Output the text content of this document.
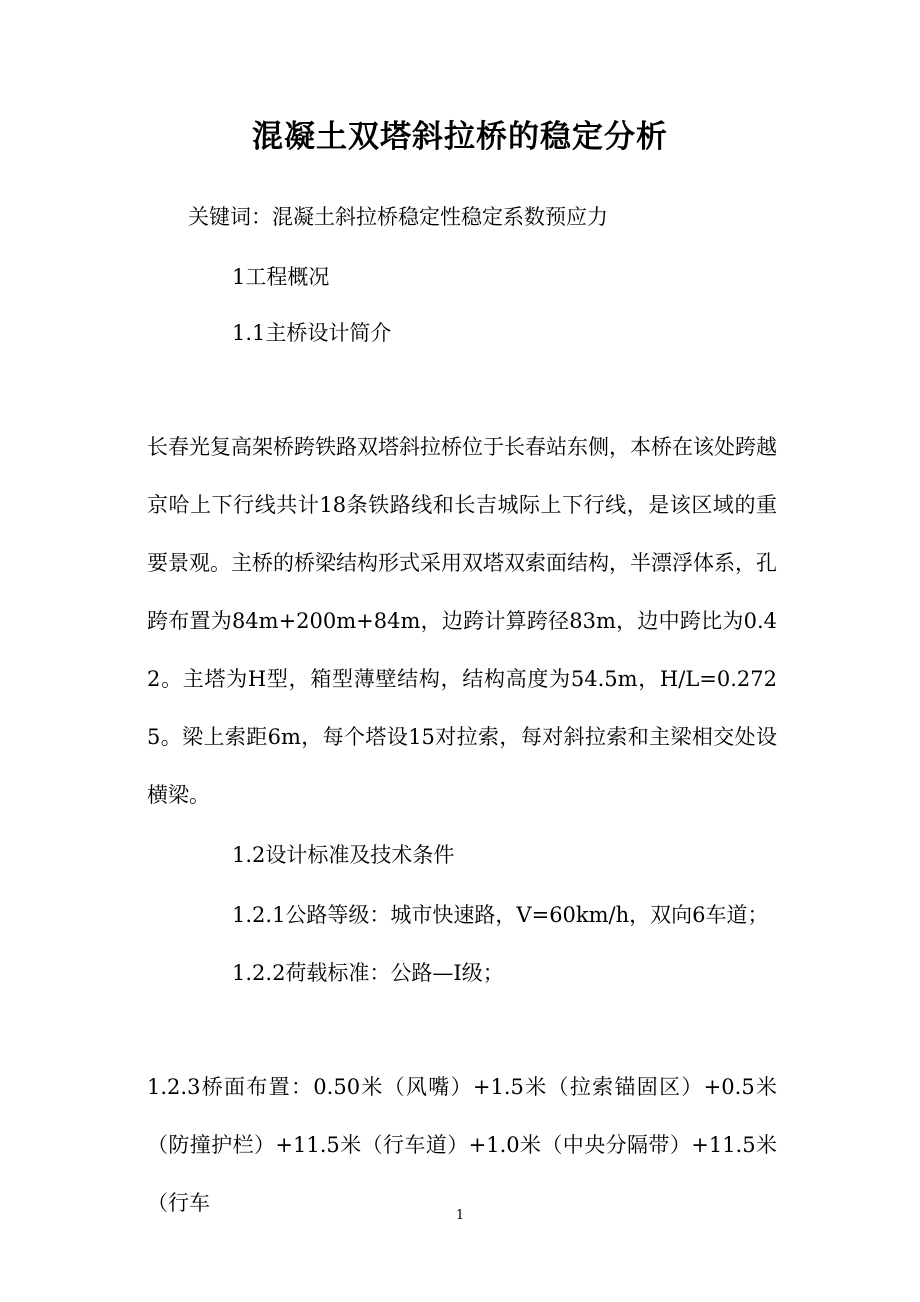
混凝土双塔斜拉桥的稳定分析

关键词：混凝土斜拉桥稳定性稳定系数预应力

1工程概况

1.1主桥设计简介

长春光复高架桥跨铁路双塔斜拉桥位于长春站东侧，本桥在该处跨越京哈上下行线共计18条铁路线和长吉城际上下行线，是该区域的重要景观。主桥的桥梁结构形式采用双塔双索面结构，半漂浮体系，孔跨布置为84m+200m+84m，边跨计算跨径83m，边中跨比为0.42。主塔为H型，箱型薄壁结构，结构高度为54.5m，H/L=0.2725。梁上索距6m，每个塔设15对拉索，每对斜拉索和主梁相交处设横梁。

1.2设计标准及技术条件

1.2.1公路等级：城市快速路，V=60km/h，双向6车道；

1.2.2荷载标准：公路—Ⅰ级；

1.2.3桥面布置：0.50米（风嘴）+1.5米（拉索锚固区）+0.5米（防撞护栏）+11.5米（行车道）+1.0米（中央分隔带）+11.5米（行车

1
